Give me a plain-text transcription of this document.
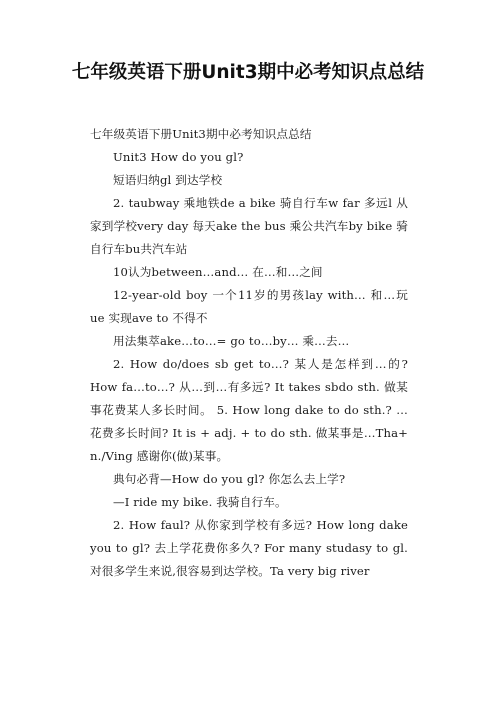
七年级英语下册Unit3期中必考知识点总结

七年级英语下册Unit3期中必考知识点总结

Unit3 How do you gl?

短语归纳gl 到达学校

2. taubway 乘地铁de a bike 骑自行车w far 多远l 从家到学校very day 每天ake the bus 乘公共汽车by bike 骑自行车bu共汽车站

10认为between…and… 在…和…之间

12-year-old boy 一个11岁的男孩lay with… 和…玩ue 实现ave to 不得不

用法集萃ake…to…= go to…by… 乘…去…

2. How do/does sb get to…? 某人是怎样到…的? How fa…to…? 从…到…有多远? It takes sbdo sth. 做某事花费某人多长时间。 5. How long dake to do sth.? …花费多长时间? It is + adj. + to do sth. 做某事是…Tha+ n./Ving 感谢你(做)某事。

典句必背—How do you gl? 你怎么去上学?

—I ride my bike. 我骑自行车。

2. How faul? 从你家到学校有多远? How long dake you to gl? 去上学花费你多久? For many studasy to gl. 对很多学生来说,很容易到达学校。Ta very big river
